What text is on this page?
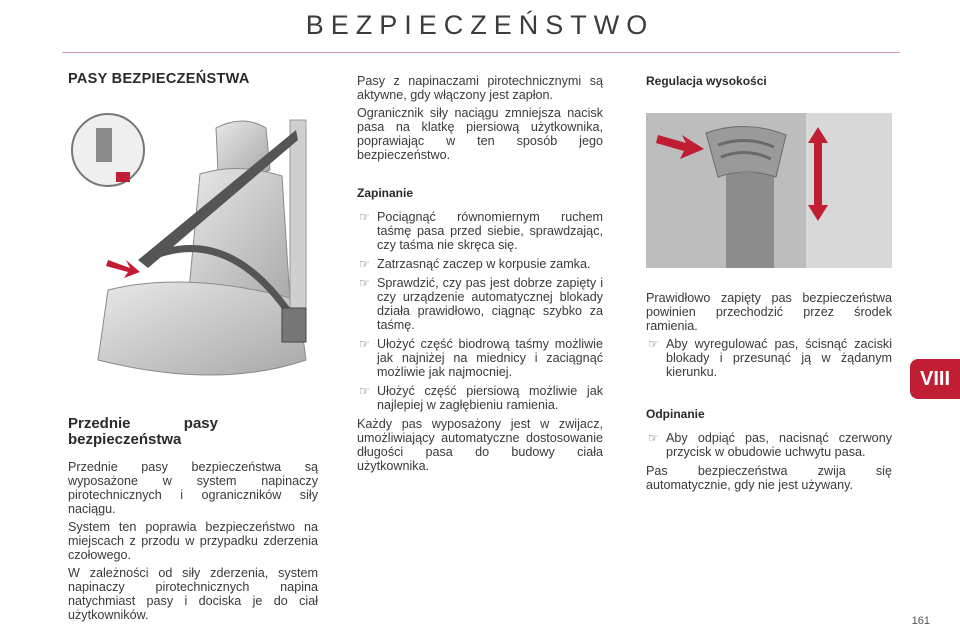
BEZPIECZEŃSTWO
PASY BEZPIECZEŃSTWA
Przednie pasy bezpieczeństwa

Przednie pasy bezpieczeństwa są wyposażone w system napinaczy pirotechnicznych i ograniczników siły naciągu.

System ten poprawia bezpieczeństwo na miejscach z przodu w przypadku zderzenia czołowego.

W zależności od siły zderzenia, system napinaczy pirotechnicznych napina natychmiast pasy i dociska je do ciał użytkowników.

Pasy z napinaczami pirotechnicznymi są aktywne, gdy włączony jest zapłon.

Ogranicznik siły naciągu zmniejsza nacisk pasa na klatkę piersiową użytkownika, poprawiając w ten sposób jego bezpieczeństwo.

Zapinanie
☞ Pociągnąć równomiernym ruchem taśmę pasa przed siebie, sprawdzając, czy taśma nie skręca się.
☞ Zatrzasnąć zaczep w korpusie zamka.
☞ Sprawdzić, czy pas jest dobrze zapięty i czy urządzenie automatycznej blokady działa prawidłowo, ciągnąc szybko za taśmę.
☞ Ułożyć część biodrową taśmy możliwie jak najniżej na miednicy i zaciągnąć możliwie jak najmocniej.
☞ Ułożyć część piersiową możliwie jak najlepiej w zagłębieniu ramienia.

Każdy pas wyposażony jest w zwijacz, umożliwiający automatyczne dostosowanie długości pasa do budowy ciała użytkownika.

Regulacja wysokości

Prawidłowo zapięty pas bezpieczeństwa powinien przechodzić przez środek ramienia.

☞ Aby wyregulować pas, ścisnąć zaciski blokady i przesunąć ją w żądanym kierunku.
Odpinanie
☞ Aby odpiąć pas, nacisnąć czerwony przycisk w obudowie uchwytu pasa.

Pas bezpieczeństwa zwija się automatycznie, gdy nie jest używany.

VIII
161
